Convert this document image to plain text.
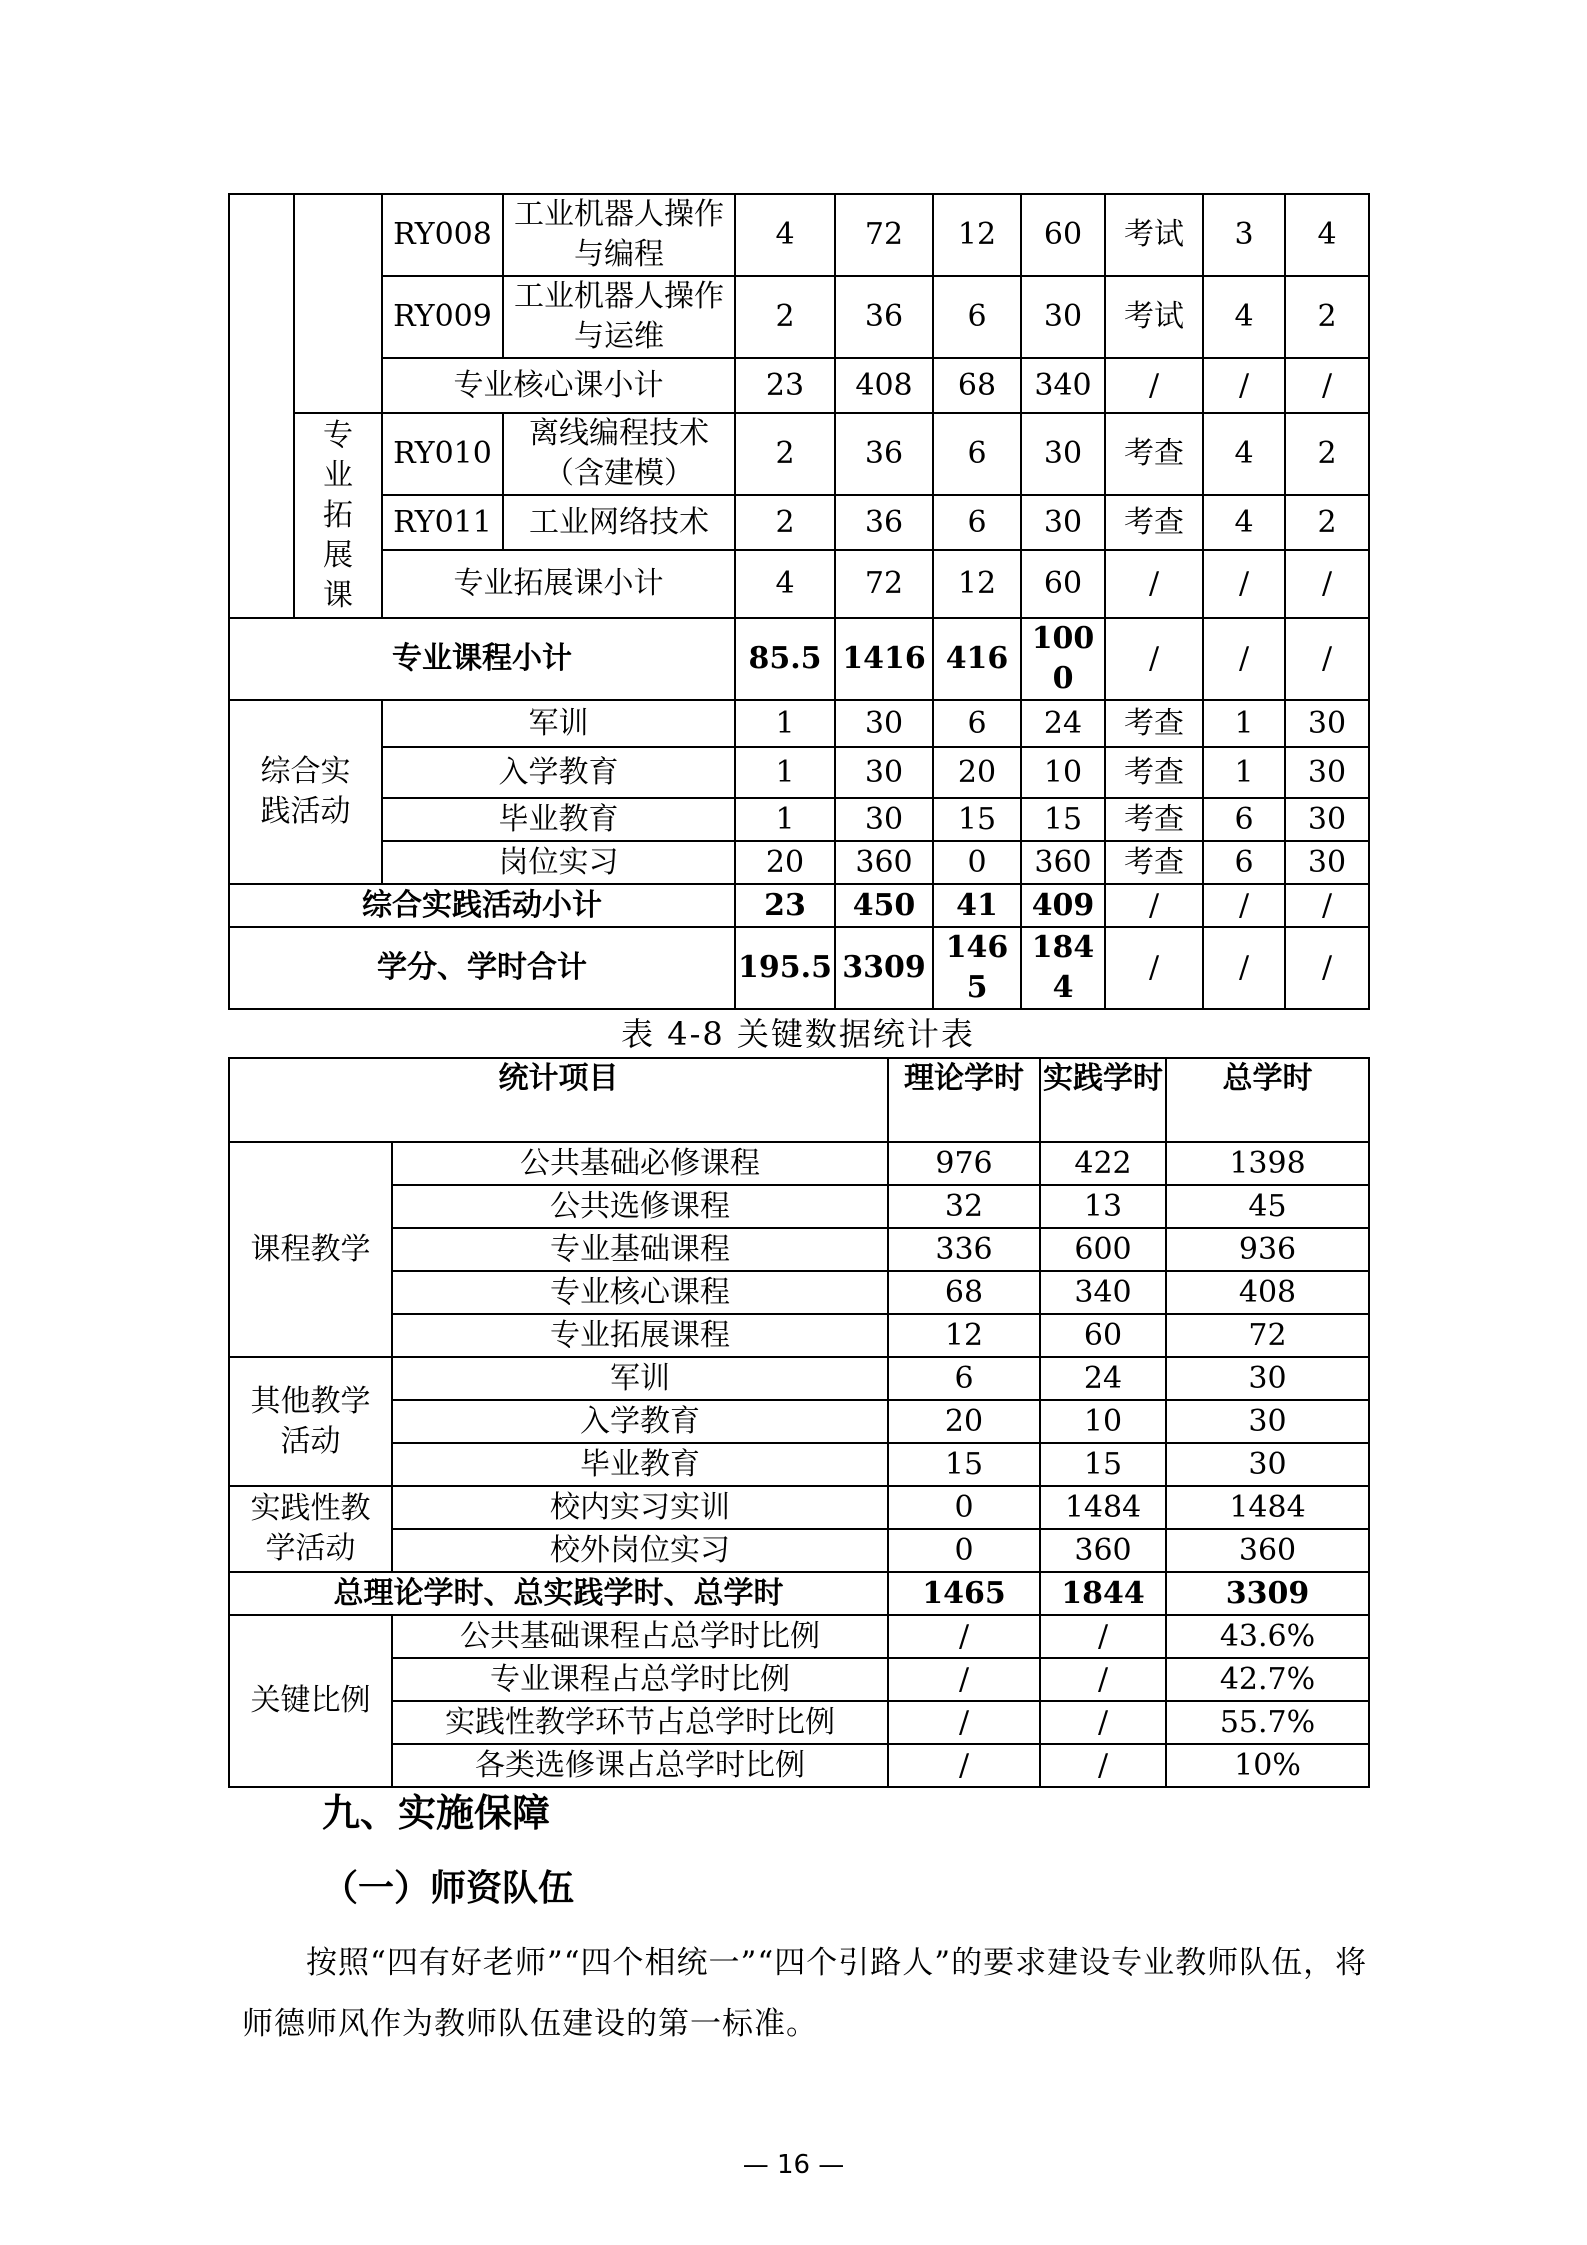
		RY008	工业机器人操作与编程	4	72	12	60	考试	3	4
		RY009	工业机器人操作与运维	2	36	6	30	考试	4	2
		专业核心课小计		23	408	68	340	/	/	/
	专业拓展课	RY010	离线编程技术（含建模）	2	36	6	30	考查	4	2
		RY011	工业网络技术	2	36	6	30	考查	4	2
		专业拓展课小计		4	72	12	60	/	/	/
专业课程小计				85.5	1416	416	1000	/	/	/
综合实践活动		军训		1	30	6	24	考查	1	30
		入学教育		1	30	20	10	考查	1	30
		毕业教育		1	30	15	15	考查	6	30
		岗位实习		20	360	0	360	考查	6	30
综合实践活动小计				23	450	41	409	/	/	/
学分、学时合计				195.5	3309	1465	1844	/	/	/
表 4-8 关键数据统计表
统计项目		理论学时	实践学时	总学时
课程教学	公共基础必修课程	976	422	1398
	公共选修课程	32	13	45
	专业基础课程	336	600	936
	专业核心课程	68	340	408
	专业拓展课程	12	60	72
其他教学活动	军训	6	24	30
	入学教育	20	10	30
	毕业教育	15	15	30
实践性教学活动	校内实习实训	0	1484	1484
	校外岗位实习	0	360	360
总理论学时、总实践学时、总学时		1465	1844	3309
关键比例	公共基础课程占总学时比例	/	/	43.6%
	专业课程占总学时比例	/	/	42.7%
	实践性教学环节占总学时比例	/	/	55.7%
	各类选修课占总学时比例	/	/	10%
九、实施保障
（一）师资队伍
按照“四有好老师”“四个相统一”“四个引路人”的要求建设专业教师队伍，将师德师风作为教师队伍建设的第一标准。
— 16 —
